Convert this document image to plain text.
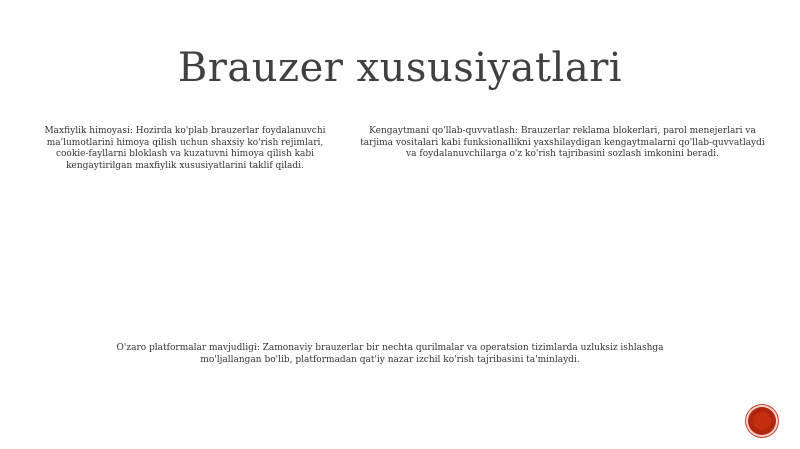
Brauzer xususiyatlari

Maxfiylik himoyasi: Hozirda ko'plab brauzerlar foydalanuvchi ma'lumotlarini himoya qilish uchun shaxsiy ko'rish rejimlari, cookie-fayllarni bloklash va kuzatuvni himoya qilish kabi kengaytirilgan maxfiylik xususiyatlarini taklif qiladi.

Kengaytmani qo'llab-quvvatlash: Brauzerlar reklama blokerlari, parol menejerlari va tarjima vositalari kabi funksionallikni yaxshilaydigan kengaytmalarni qo'llab-quvvatlaydi va foydalanuvchilarga o'z ko'rish tajribasini sozlash imkonini beradi.

O'zaro platformalar mavjudligi: Zamonaviy brauzerlar bir nechta qurilmalar va operatsion tizimlarda uzluksiz ishlashga mo'ljallangan bo'lib, platformadan qat'iy nazar izchil ko'rish tajribasini ta'minlaydi.
